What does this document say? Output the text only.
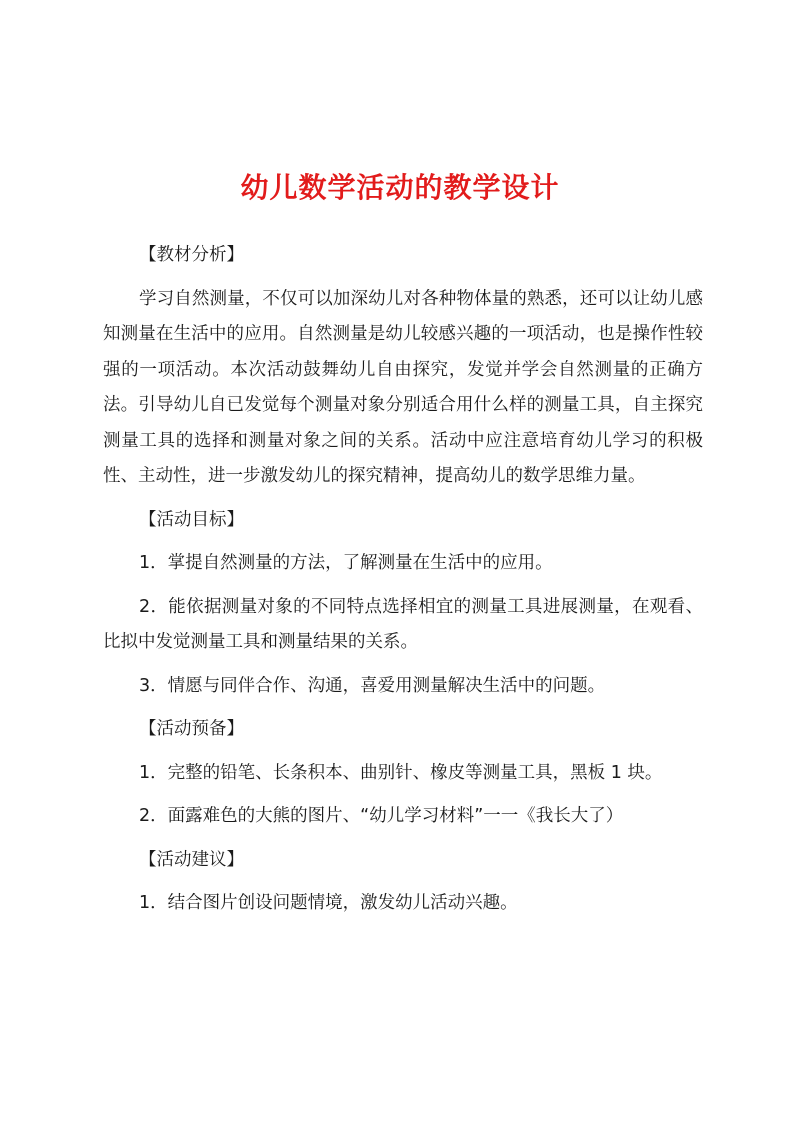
幼儿数学活动的教学设计

【教材分析】

学习自然测量，不仅可以加深幼儿对各种物体量的熟悉，还可以让幼儿感知测量在生活中的应用。自然测量是幼儿较感兴趣的一项活动，也是操作性较强的一项活动。本次活动鼓舞幼儿自由探究，发觉并学会自然测量的正确方法。引导幼儿自已发觉每个测量对象分别适合用什么样的测量工具，自主探究测量工具的选择和测量对象之间的关系。活动中应注意培育幼儿学习的积极性、主动性，进一步激发幼儿的探究精神，提高幼儿的数学思维力量。

【活动目标】

1．掌提自然测量的方法，了解测量在生活中的应用。

2．能依据测量对象的不同特点选择相宜的测量工具进展测量，在观看、比拟中发觉测量工具和测量结果的关系。

3．情愿与同伴合作、沟通，喜爱用测量解决生活中的问题。

【活动预备】

1．完整的铅笔、长条积本、曲别针、橡皮等测量工具，黑板 1 块。

2．面露难色的大熊的图片、“幼儿学习材料”一一《我长大了）

【活动建议】

1．结合图片创设问题情境，激发幼儿活动兴趣。
